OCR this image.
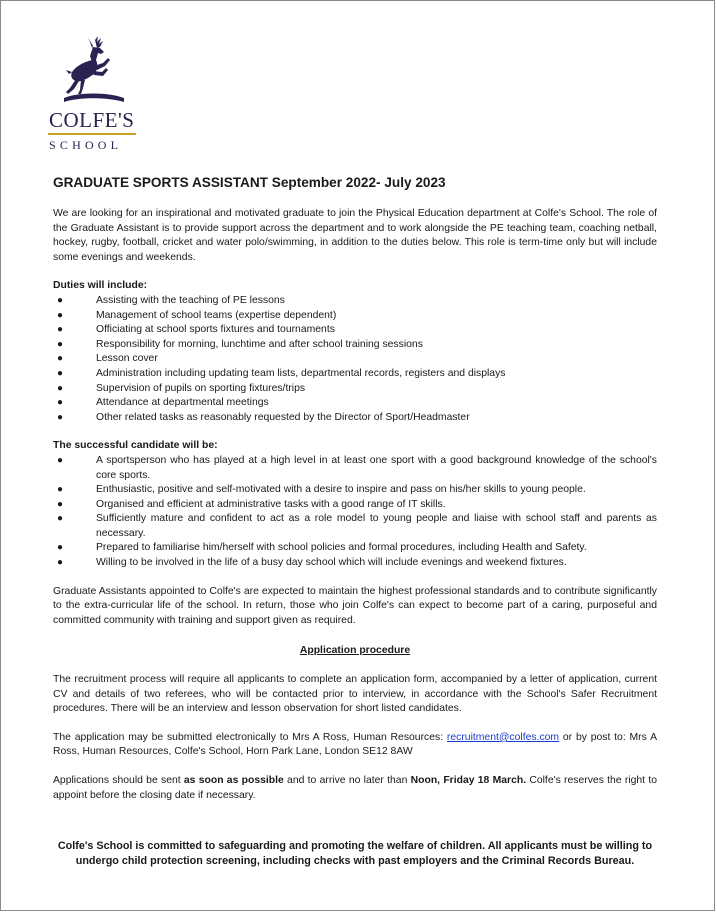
COLFE'S
SCHOOL
GRADUATE SPORTS ASSISTANT September 2022- July 2023

We are looking for an inspirational and motivated graduate to join the Physical Education department at Colfe's School. The role of the Graduate Assistant is to provide support across the department and to work alongside the PE teaching team, coaching netball, hockey, rugby, football, cricket and water polo/swimming, in addition to the duties below. This role is term-time only but will include some evenings and weekends.

Duties will include:

●	Assisting with the teaching of PE lessons
●	Management of school teams (expertise dependent)
●	Officiating at school sports fixtures and tournaments
●	Responsibility for morning, lunchtime and after school training sessions
●	Lesson cover
●	Administration including updating team lists, departmental records, registers and displays
●	Supervision of pupils on sporting fixtures/trips
●	Attendance at departmental meetings
●	Other related tasks as reasonably requested by the Director of Sport/Headmaster

The successful candidate will be:

●	A sportsperson who has played at a high level in at least one sport with a good background knowledge of the school's core sports.
●	Enthusiastic, positive and self-motivated with a desire to inspire and pass on his/her skills to young people.
●	Organised and efficient at administrative tasks with a good range of IT skills.
●	Sufficiently mature and confident to act as a role model to young people and liaise with school staff and parents as necessary.
●	Prepared to familiarise him/herself with school policies and formal procedures, including Health and Safety.
●	Willing to be involved in the life of a busy day school which will include evenings and weekend fixtures.

Graduate Assistants appointed to Colfe's are expected to maintain the highest professional standards and to contribute significantly to the extra-curricular life of the school. In return, those who join Colfe's can expect to become part of a caring, purposeful and committed community with training and support given as required.

Application procedure

The recruitment process will require all applicants to complete an application form, accompanied by a letter of application, current CV and details of two referees, who will be contacted prior to interview, in accordance with the School's Safer Recruitment procedures. There will be an interview and lesson observation for short listed candidates.

The application may be submitted electronically to Mrs A Ross, Human Resources: recruitment@colfes.com or by post to: Mrs A Ross, Human Resources, Colfe's School, Horn Park Lane, London SE12 8AW

Applications should be sent as soon as possible and to arrive no later than Noon, Friday 18 March. Colfe's reserves the right to appoint before the closing date if necessary.

Colfe's School is committed to safeguarding and promoting the welfare of children. All applicants must be willing to undergo child protection screening, including checks with past employers and the Criminal Records Bureau.
